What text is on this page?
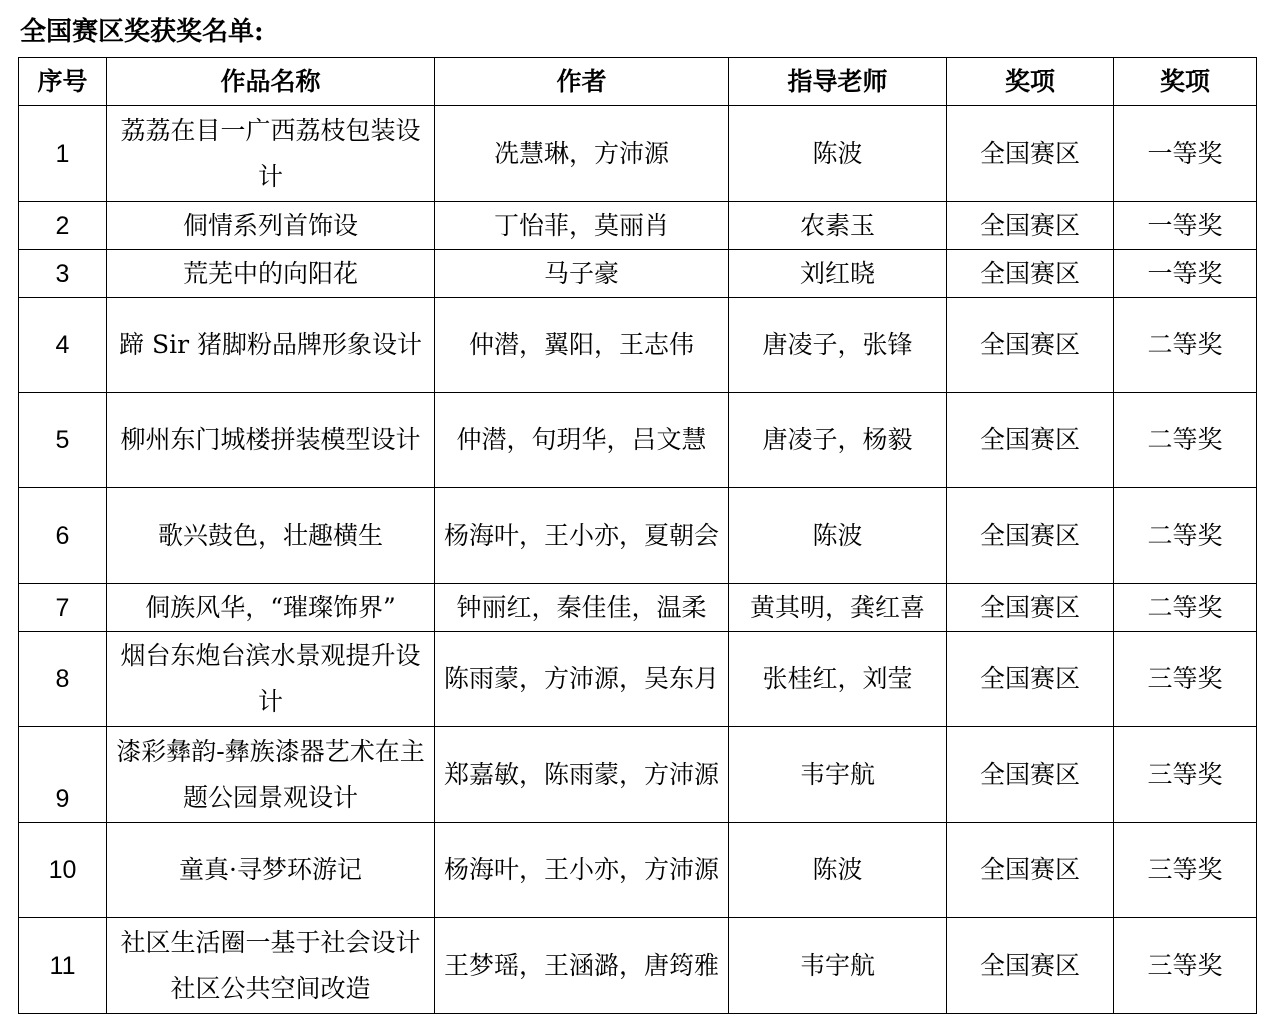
全国赛区奖获奖名单:
序号	作品名称	作者	指导老师	奖项	奖项
1	荔荔在目一广西荔枝包装设计	冼慧琳，方沛源	陈波	全国赛区	一等奖
2	侗情系列首饰设	丁怡菲，莫丽肖	农素玉	全国赛区	一等奖
3	荒芜中的向阳花	马子豪	刘红晓	全国赛区	一等奖
4	蹄 Sir 猪脚粉品牌形象设计	仲潜，翼阳，王志伟	唐凌子，张锋	全国赛区	二等奖
5	柳州东门城楼拼装模型设计	仲潜，句玥华，吕文慧	唐凌子，杨毅	全国赛区	二等奖
6	歌兴鼓色，壮趣横生	杨海叶，王小亦，夏朝会	陈波	全国赛区	二等奖
7	侗族风华，“璀璨饰界”	钟丽红，秦佳佳，温柔	黄其明，龚红喜	全国赛区	二等奖
8	烟台东炮台滨水景观提升设计	陈雨蒙，方沛源，吴东月	张桂红，刘莹	全国赛区	三等奖
9	漆彩彝韵-彝族漆器艺术在主题公园景观设计	郑嘉敏，陈雨蒙，方沛源	韦宇航	全国赛区	三等奖
10	童真·寻梦环游记	杨海叶，王小亦，方沛源	陈波	全国赛区	三等奖
11	社区生活圈一基于社会设计社区公共空间改造	王梦瑶，王涵潞，唐筠雅	韦宇航	全国赛区	三等奖
